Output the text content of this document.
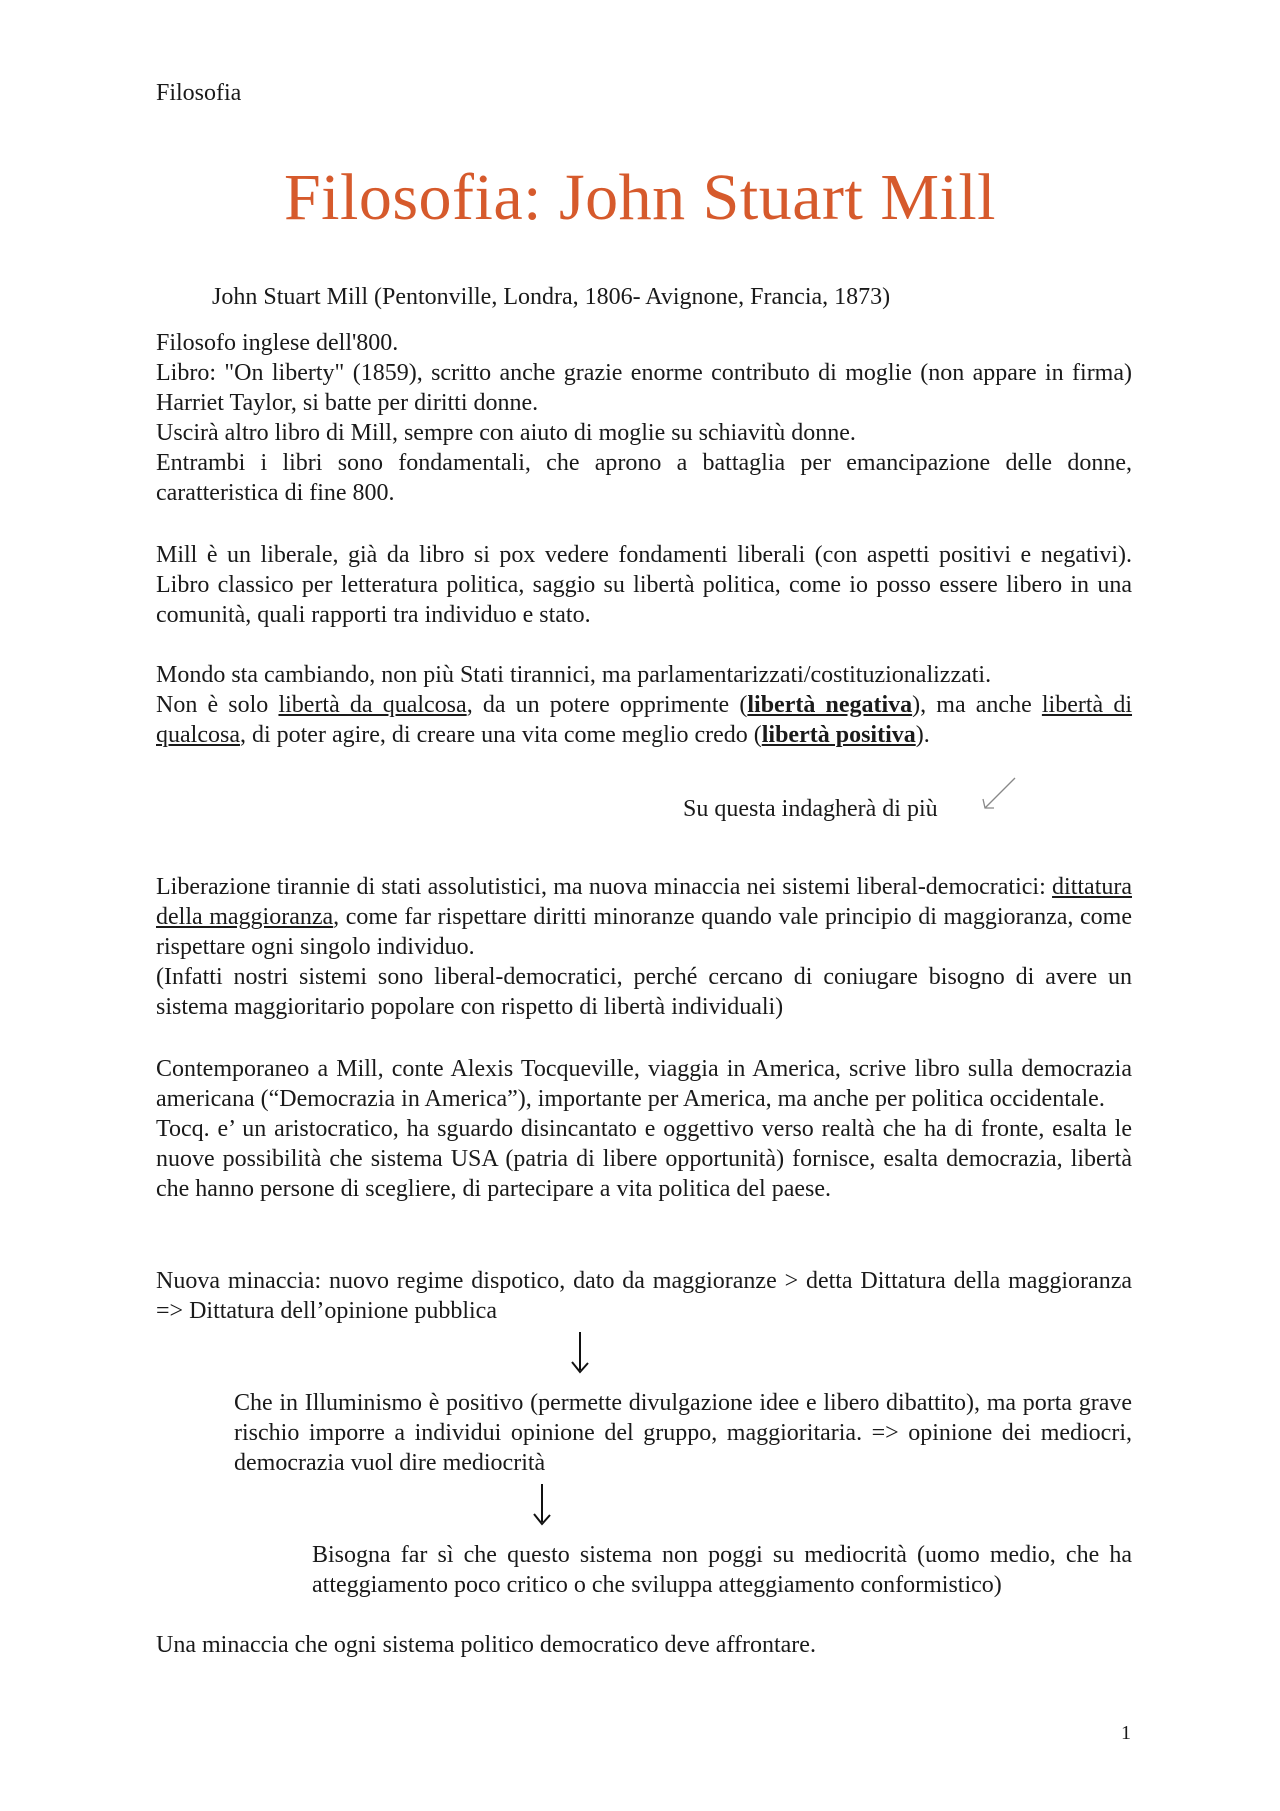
Filosofia
Filosofia: John Stuart Mill
John Stuart Mill (Pentonville, Londra, 1806- Avignone, Francia, 1873)

Filosofo inglese dell'800.

Libro: "On liberty" (1859), scritto anche grazie enorme contributo di moglie (non appare in firma) Harriet Taylor, si batte per diritti donne.

Uscirà altro libro di Mill, sempre con aiuto di moglie su schiavitù donne.

Entrambi i libri sono fondamentali, che aprono a battaglia per emancipazione delle donne, caratteristica di fine 800.

Mill è un liberale, già da libro si pox vedere fondamenti liberali (con aspetti positivi e negativi). Libro classico per letteratura politica, saggio su libertà politica, come io posso essere libero in una comunità, quali rapporti tra individuo e stato.

Mondo sta cambiando, non più Stati tirannici, ma parlamentarizzati/costituzionalizzati.

Non è solo libertà da qualcosa, da un potere opprimente (libertà negativa), ma anche libertà di qualcosa, di poter agire, di creare una vita come meglio credo (libertà positiva).

Su questa indagherà di più

Liberazione tirannie di stati assolutistici, ma nuova minaccia nei sistemi liberal-democratici: dittatura della maggioranza, come far rispettare diritti minoranze quando vale principio di maggioranza, come rispettare ogni singolo individuo.

(Infatti nostri sistemi sono liberal-democratici, perché cercano di coniugare bisogno di avere un sistema maggioritario popolare con rispetto di libertà individuali)

Contemporaneo a Mill, conte Alexis Tocqueville, viaggia in America, scrive libro sulla democrazia americana (“Democrazia in America”), importante per America, ma anche per politica occidentale.

Tocq. e’ un aristocratico, ha sguardo disincantato e oggettivo verso realtà che ha di fronte, esalta le nuove possibilità che sistema USA (patria di libere opportunità) fornisce, esalta democrazia, libertà che hanno persone di scegliere, di partecipare a vita politica del paese.

Nuova minaccia: nuovo regime dispotico, dato da maggioranze > detta Dittatura della maggioranza => Dittatura dell’opinione pubblica

Che in Illuminismo è positivo (permette divulgazione idee e libero dibattito), ma porta grave rischio imporre a individui opinione del gruppo, maggioritaria. => opinione dei mediocri, democrazia vuol dire mediocrità

Bisogna far sì che questo sistema non poggi su mediocrità (uomo medio, che ha atteggiamento poco critico o che sviluppa atteggiamento conformistico)

Una minaccia che ogni sistema politico democratico deve affrontare.

1
